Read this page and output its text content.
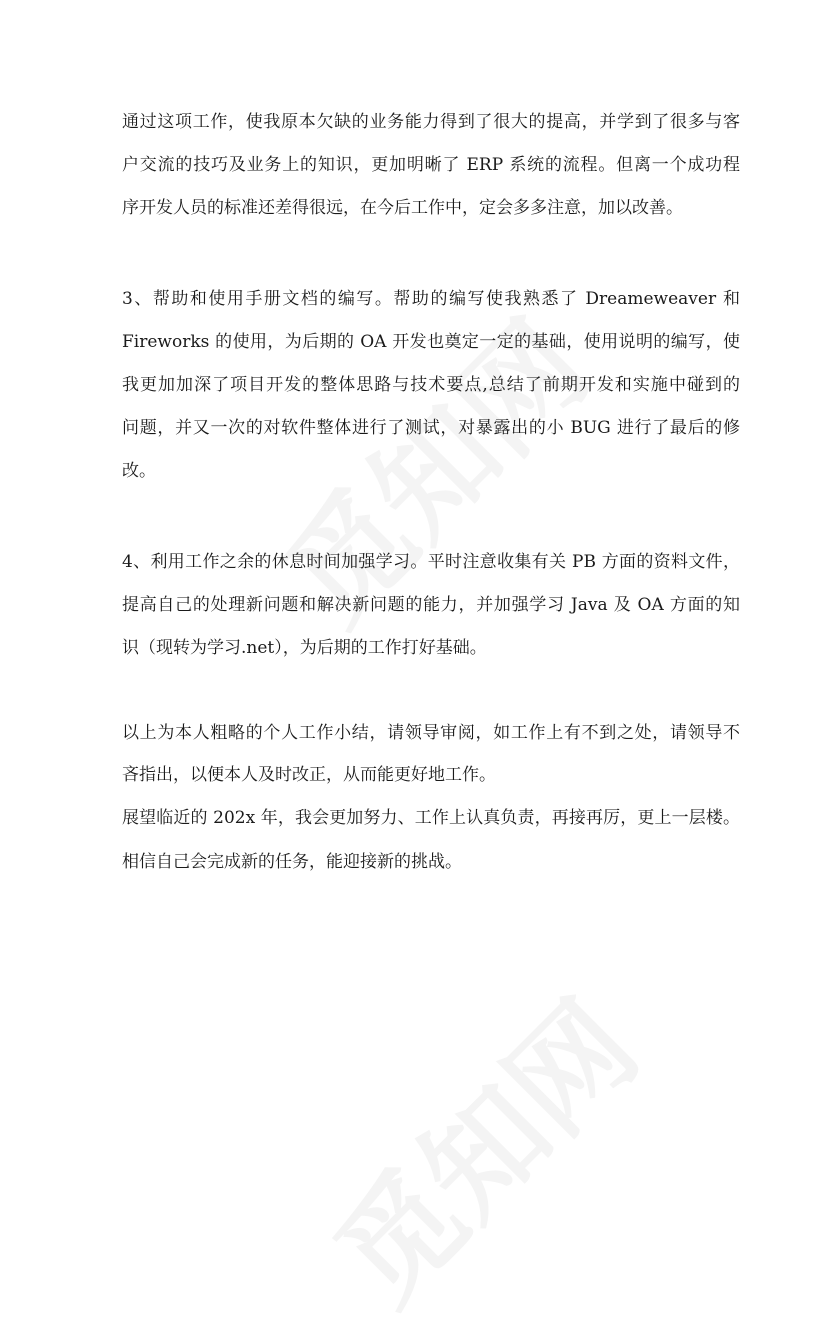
通过这项工作，使我原本欠缺的业务能力得到了很大的提高，并学到了很多与客
户交流的技巧及业务上的知识，更加明晰了 ERP 系统的流程。但离一个成功程
序开发人员的标准还差得很远，在今后工作中，定会多多注意，加以改善。
3、帮助和使用手册文档的编写。帮助的编写使我熟悉了 Dreameweaver 和
Fireworks 的使用，为后期的 OA 开发也奠定一定的基础，使用说明的编写，使
我更加加深了项目开发的整体思路与技术要点,总结了前期开发和实施中碰到的
问题，并又一次的对软件整体进行了测试，对暴露出的小 BUG 进行了最后的修
改。
4、利用工作之余的休息时间加强学习。平时注意收集有关 PB 方面的资料文件，
提高自己的处理新问题和解决新问题的能力，并加强学习 Java 及 OA 方面的知
识（现转为学习.net），为后期的工作打好基础。
以上为本人粗略的个人工作小结，请领导审阅，如工作上有不到之处，请领导不
吝指出，以便本人及时改正，从而能更好地工作。
展望临近的 202x 年，我会更加努力、工作上认真负责，再接再厉，更上一层楼。
相信自己会完成新的任务，能迎接新的挑战。
